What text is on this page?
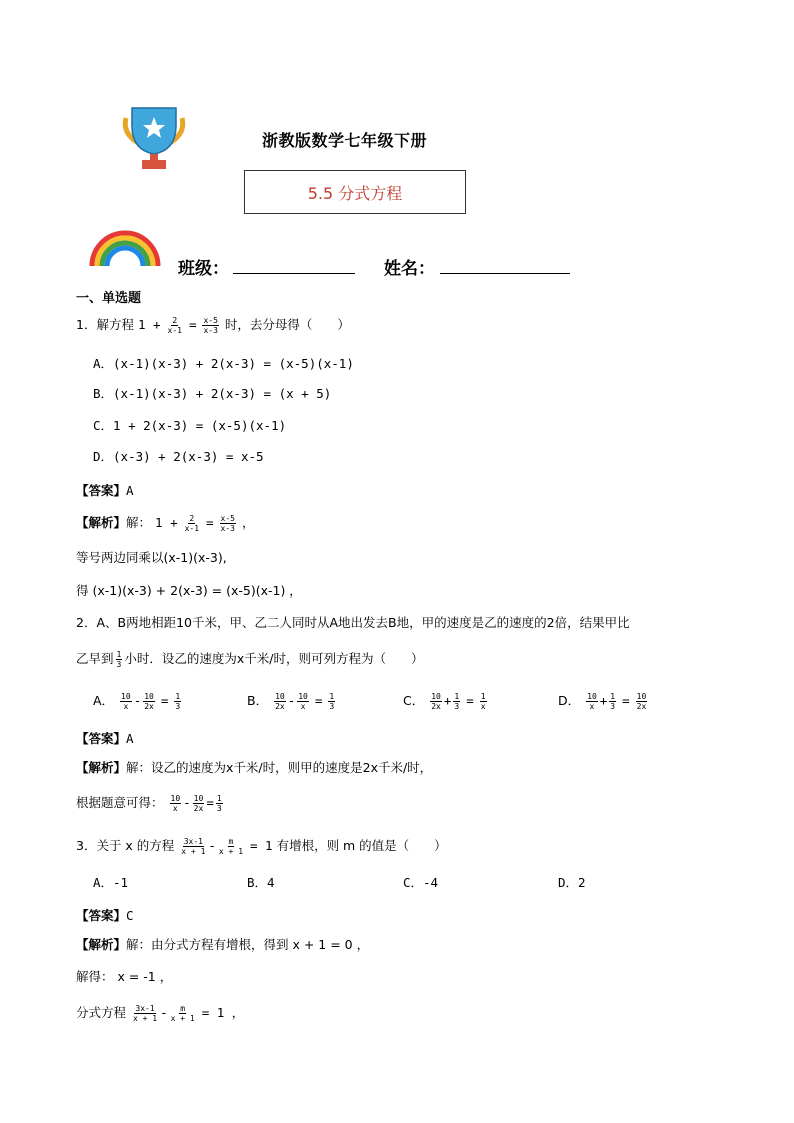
浙教版数学七年级下册
5.5 分式方程
班级：	姓名：
一、单选题
1．解方程 $1 + \frac{2}{x-1} = \frac{x-5}{x-3}$ 时，去分母得（　　）
A．(x-1)(x-3) + 2(x-3) = (x-5)(x-1)
B．(x-1)(x-3) + 2(x-3) = (x + 5)
C．1 + 2(x-3) = (x-5)(x-1)
D．(x-3) + 2(x-3) = x-5
【答案】A
【解析】解： $1 + \frac{2}{x-1} = \frac{x-5}{x-3}$ ，
等号两边同乘以(x-1)(x-3),
得 (x-1)(x-3) + 2(x-3) = (x-5)(x-1) ，
2．A、B两地相距10千米，甲、乙二人同时从A地出发去B地，甲的速度是乙的速度的2倍，结果甲比
乙早到 $\frac{1}{3}$ 小时．设乙的速度为x千米/时，则可列方程为（　　）
A． $\frac{10}{x} - \frac{10}{2x} = \frac{1}{3}$	B． $\frac{10}{2x} - \frac{10}{x} = \frac{1}{3}$	C． $\frac{10}{2x} + \frac{1}{3} = \frac{1}{x}$	D． $\frac{10}{x} + \frac{1}{3} = \frac{10}{2x}$
【答案】A
【解析】解：设乙的速度为x千米/时，则甲的速度是2x千米/时，
根据题意可得： $\frac{10}{x} - \frac{10}{2x} = \frac{1}{3}$
3．关于 x 的方程 $\frac{3x-1}{x + 1} - \frac{m}{x + 1} = 1$ 有增根，则 m 的值是（　　）
A．-1	B．4	C．-4	D．2
【答案】C
【解析】解：由分式方程有增根，得到 x + 1 = 0 ，
解得： x = -1 ，
分式方程 $\frac{3x-1}{x + 1} - \frac{m}{x + 1} = 1$ ，
